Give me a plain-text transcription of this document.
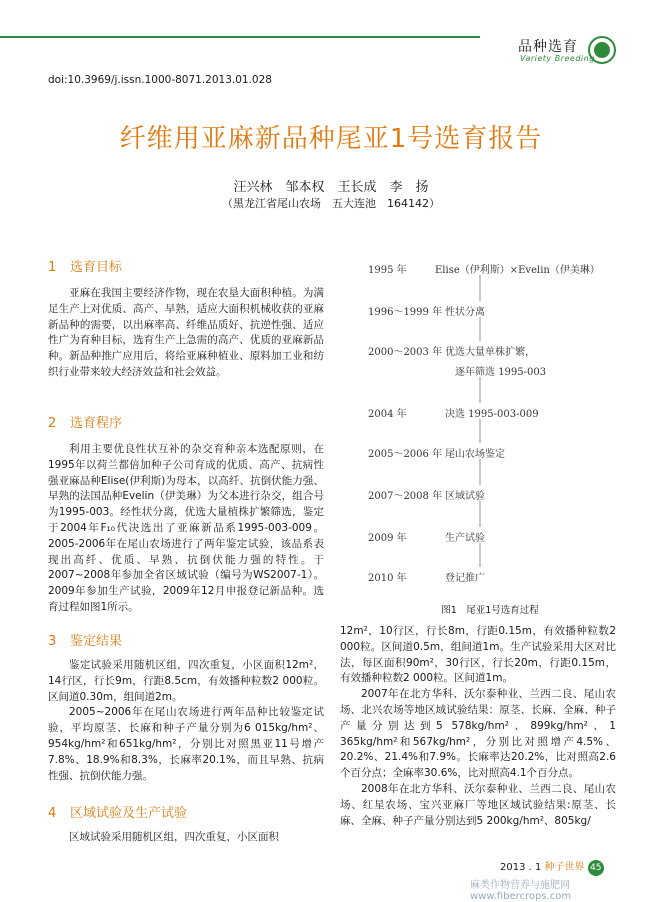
品种选育
Variety Breeding
doi:10.3969/j.issn.1000-8071.2013.01.028
纤维用亚麻新品种尾亚1号选育报告
汪兴林　邹本权　王长成　李　扬
（黑龙江省尾山农场　五大连池　164142）
1 选育目标

亚麻在我国主要经济作物，现在农垦大面积种植。为满足生产上对优质、高产、早熟，适应大面积机械收获的亚麻新品种的需要，以出麻率高、纤维品质好、抗逆性强、适应性广为育种目标，选育生产上急需的高产、优质的亚麻新品种。新品种推广应用后，将给亚麻种植业、原料加工业和纺织行业带来较大经济效益和社会效益。

2 选育程序

利用主要优良性状互补的杂交育种亲本选配原则，在1995年以荷兰都倍加种子公司育成的优质、高产、抗病性强亚麻品种Elise(伊利斯)为母本，以高纤、抗倒伏能力强、早熟的法国品种Evelin（伊美琳）为父本进行杂交，组合号为1995-003。经性状分离，优选大量植株扩繁筛选，鉴定于2004年F₁₀代决选出了亚麻新品系1995-003-009。2005-2006年在尾山农场进行了两年鉴定试验，该品系表现出高纤、优质、早熟、抗倒伏能力强的特性。于2007~2008年参加全省区域试验（编号为WS2007-1）。2009年参加生产试验，2009年12月申报登记新品种。选育过程如图1所示。

3 鉴定结果

鉴定试验采用随机区组，四次重复，小区面积12m²，14行区，行长9m，行距8.5cm，有效播种粒数2 000粒。区间道0.30m，组间道2m。

2005~2006年在尾山农场进行两年品种比较鉴定试验，平均原茎、长麻和种子产量分别为6 015kg/hm²、954kg/hm²和651kg/hm²，分别比对照黑亚11号增产7.8%、18.9%和8.3%，长麻率20.1%，而且早熟、抗病性强、抗倒伏能力强。

4 区域试验及生产试验

区域试验采用随机区组，四次重复，小区面积

1995 年	Elise（伊利斯）×Evelin（伊美琳）
1996～1999 年 性状分离
2000～2003 年 优选大量单株扩繁，
逐年筛选 1995-003
2004 年	决选 1995-003-009
2005～2006 年 尾山农场鉴定
2007～2008 年 区域试验
2009 年	生产试验
2010 年	登记推广
图1　尾亚1号选育过程

12m²，10行区，行长8m，行距0.15m，有效播种粒数2 000粒。区间道0.5m，组间道1m。生产试验采用大区对比法，每区面积90m²，30行区，行长20m，行距0.15m，有效播种粒数2 000粒。区间道1m。

2007年在北方华科、沃尔泰种业、兰西二良、尾山农场、北兴农场等地区域试验结果：原茎、长麻、全麻、种子产量分别达到5 578kg/hm²、899kg/hm²、1 365kg/hm²和567kg/hm²，分别比对照增产4.5%、20.2%、21.4%和7.9%。长麻率达20.2%，比对照高2.6个百分点；全麻率30.6%，比对照高4.1个百分点。

2008年在北方华科、沃尔泰种业、兰西二良、尾山农场、红星农场、宝兴亚麻厂等地区域试验结果:原茎、长麻、全麻、种子产量分别达到5 200kg/hm²、805kg/

2013 . 1 种子世界 45
麻类作物营养与施肥网 www.fibercrops.com
